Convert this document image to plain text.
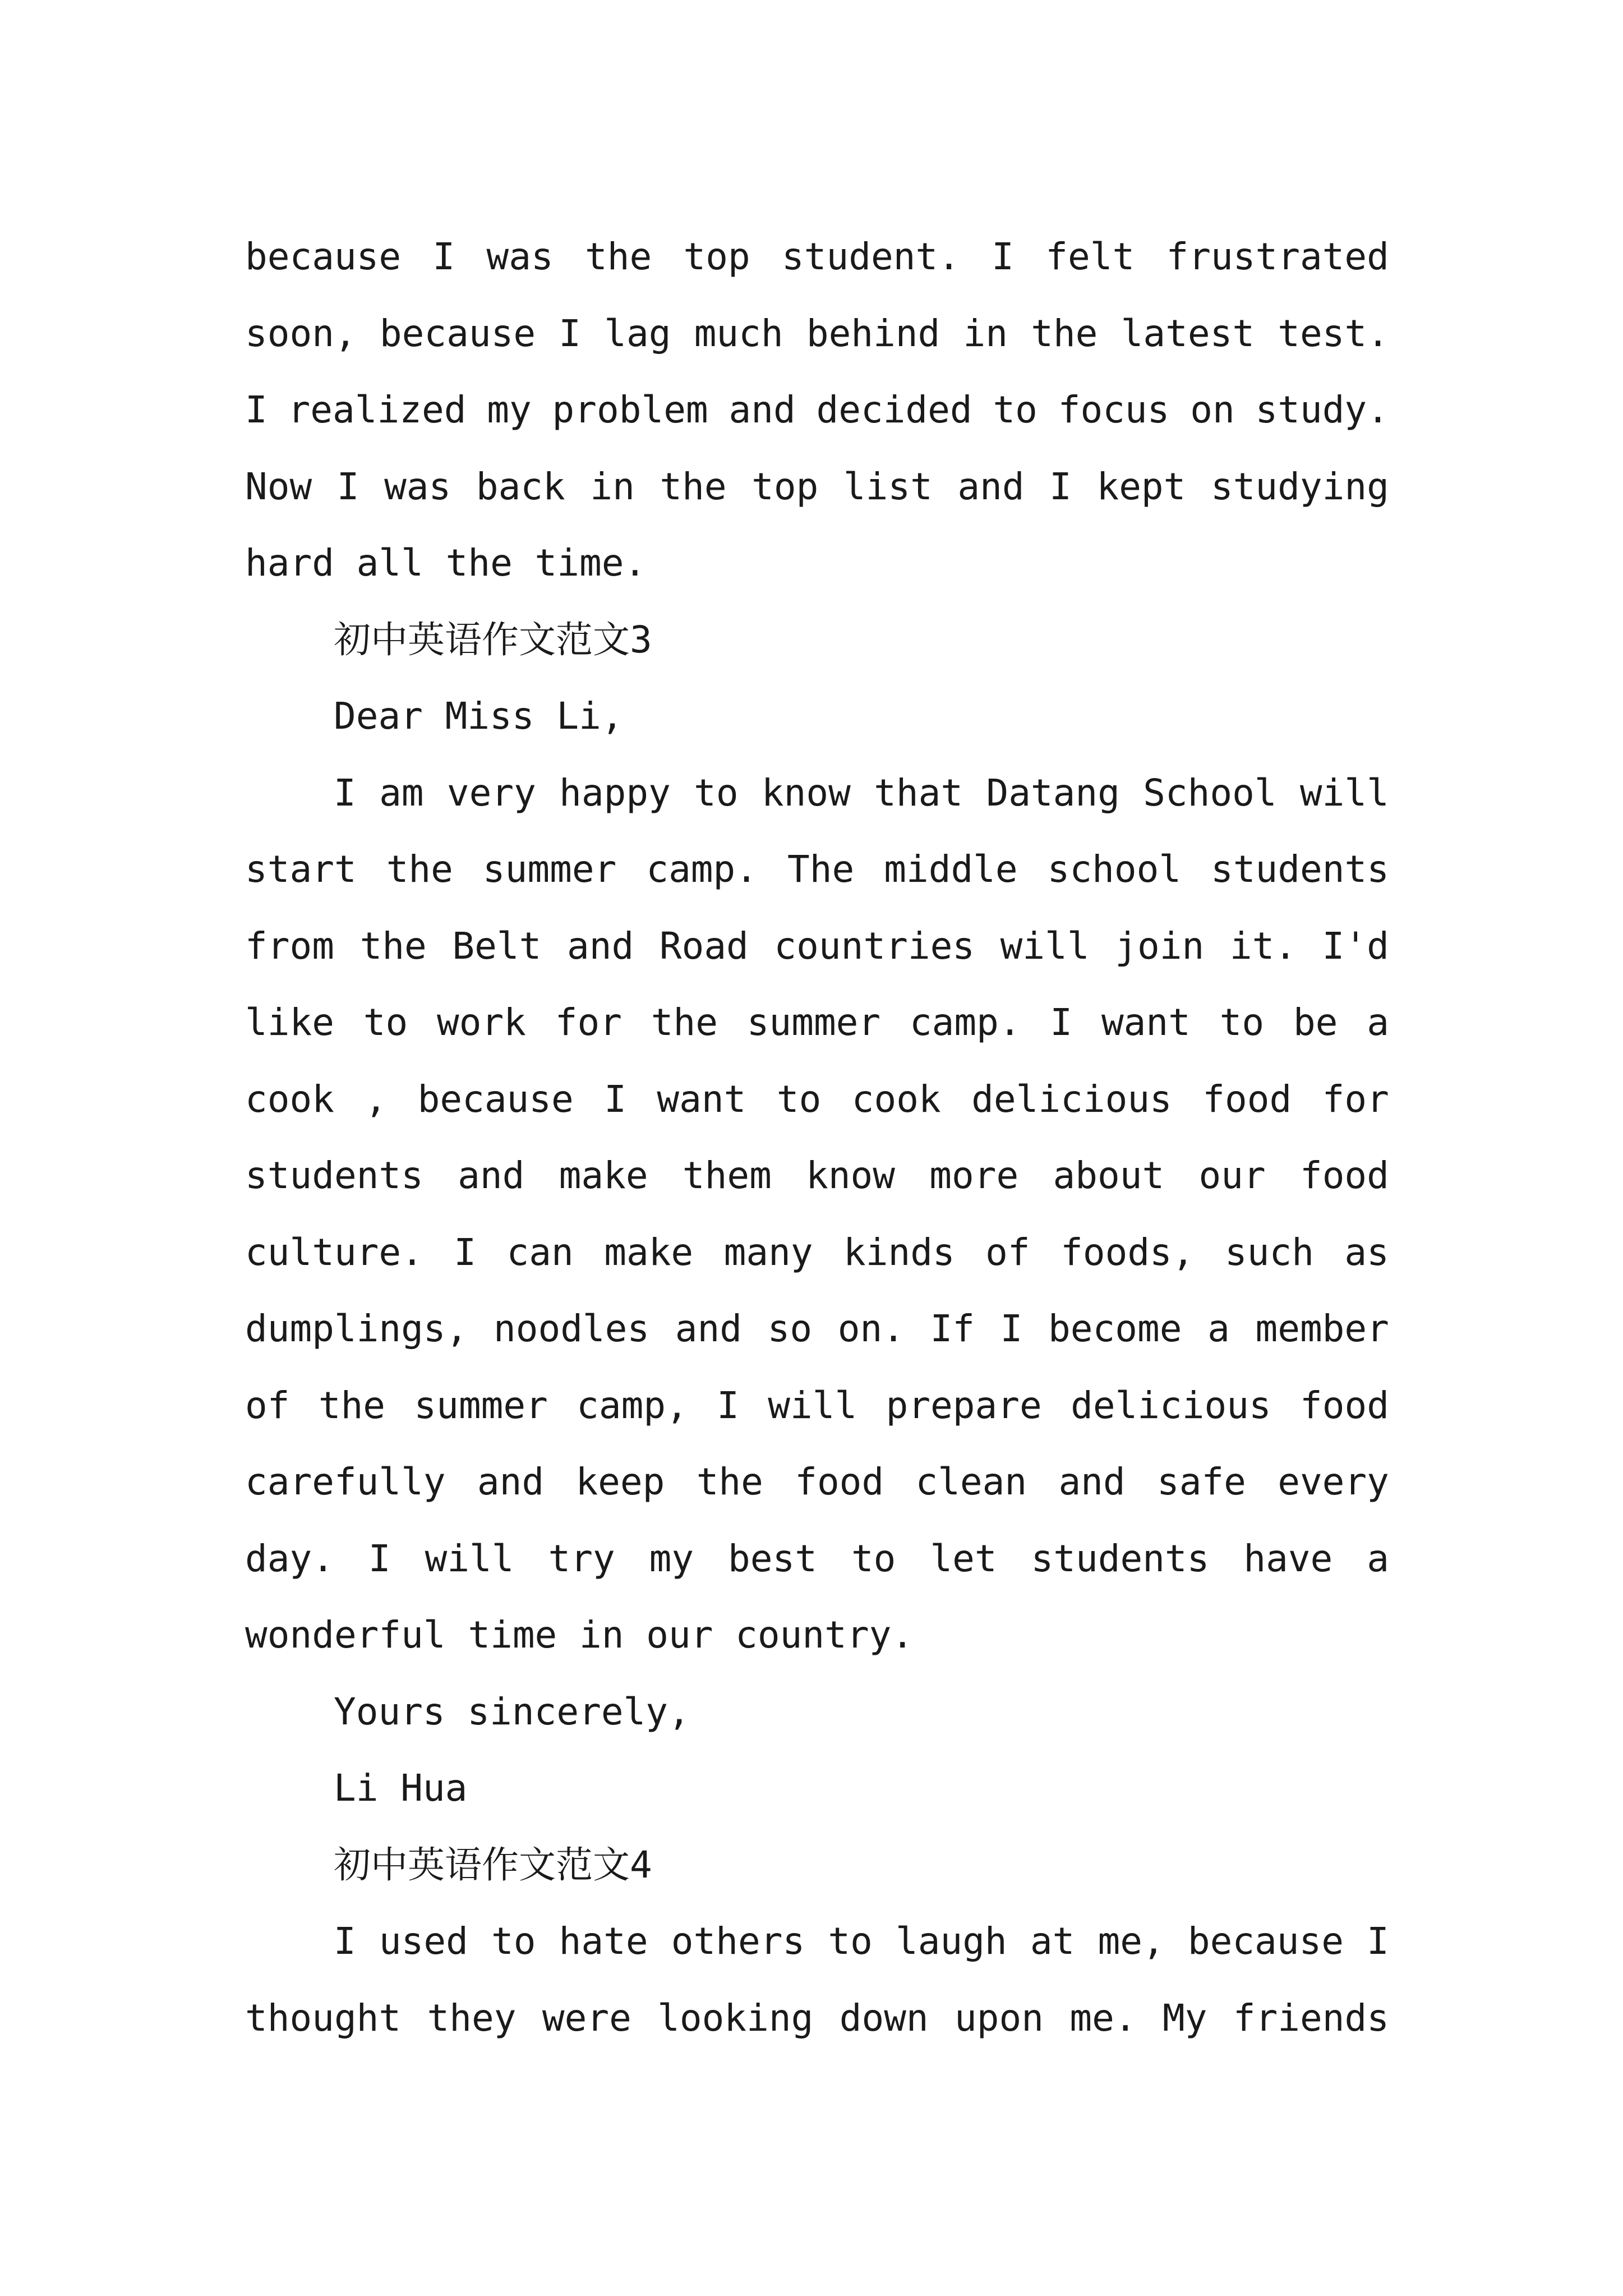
because I was the top student. I felt frustrated
soon, because I lag much behind in the latest test.
I realized my problem and decided to focus on study.
Now I was back in the top list and I kept studying
hard all the time.
初中英语作文范文3
Dear Miss Li,
I am very happy to know that Datang School will
start the summer camp. The middle school students
from the Belt and Road countries will join it. I'd
like to work for the summer camp. I want to be a
cook , because I want to cook delicious food for
students and make them know more about our food
culture. I can make many kinds of foods, such as
dumplings, noodles and so on. If I become a member
of the summer camp, I will prepare delicious food
carefully and keep the food clean and safe every
day. I will try my best to let students have a
wonderful time in our country.
Yours sincerely,
Li Hua
初中英语作文范文4
I used to hate others to laugh at me, because I
thought they were looking down upon me. My friends
